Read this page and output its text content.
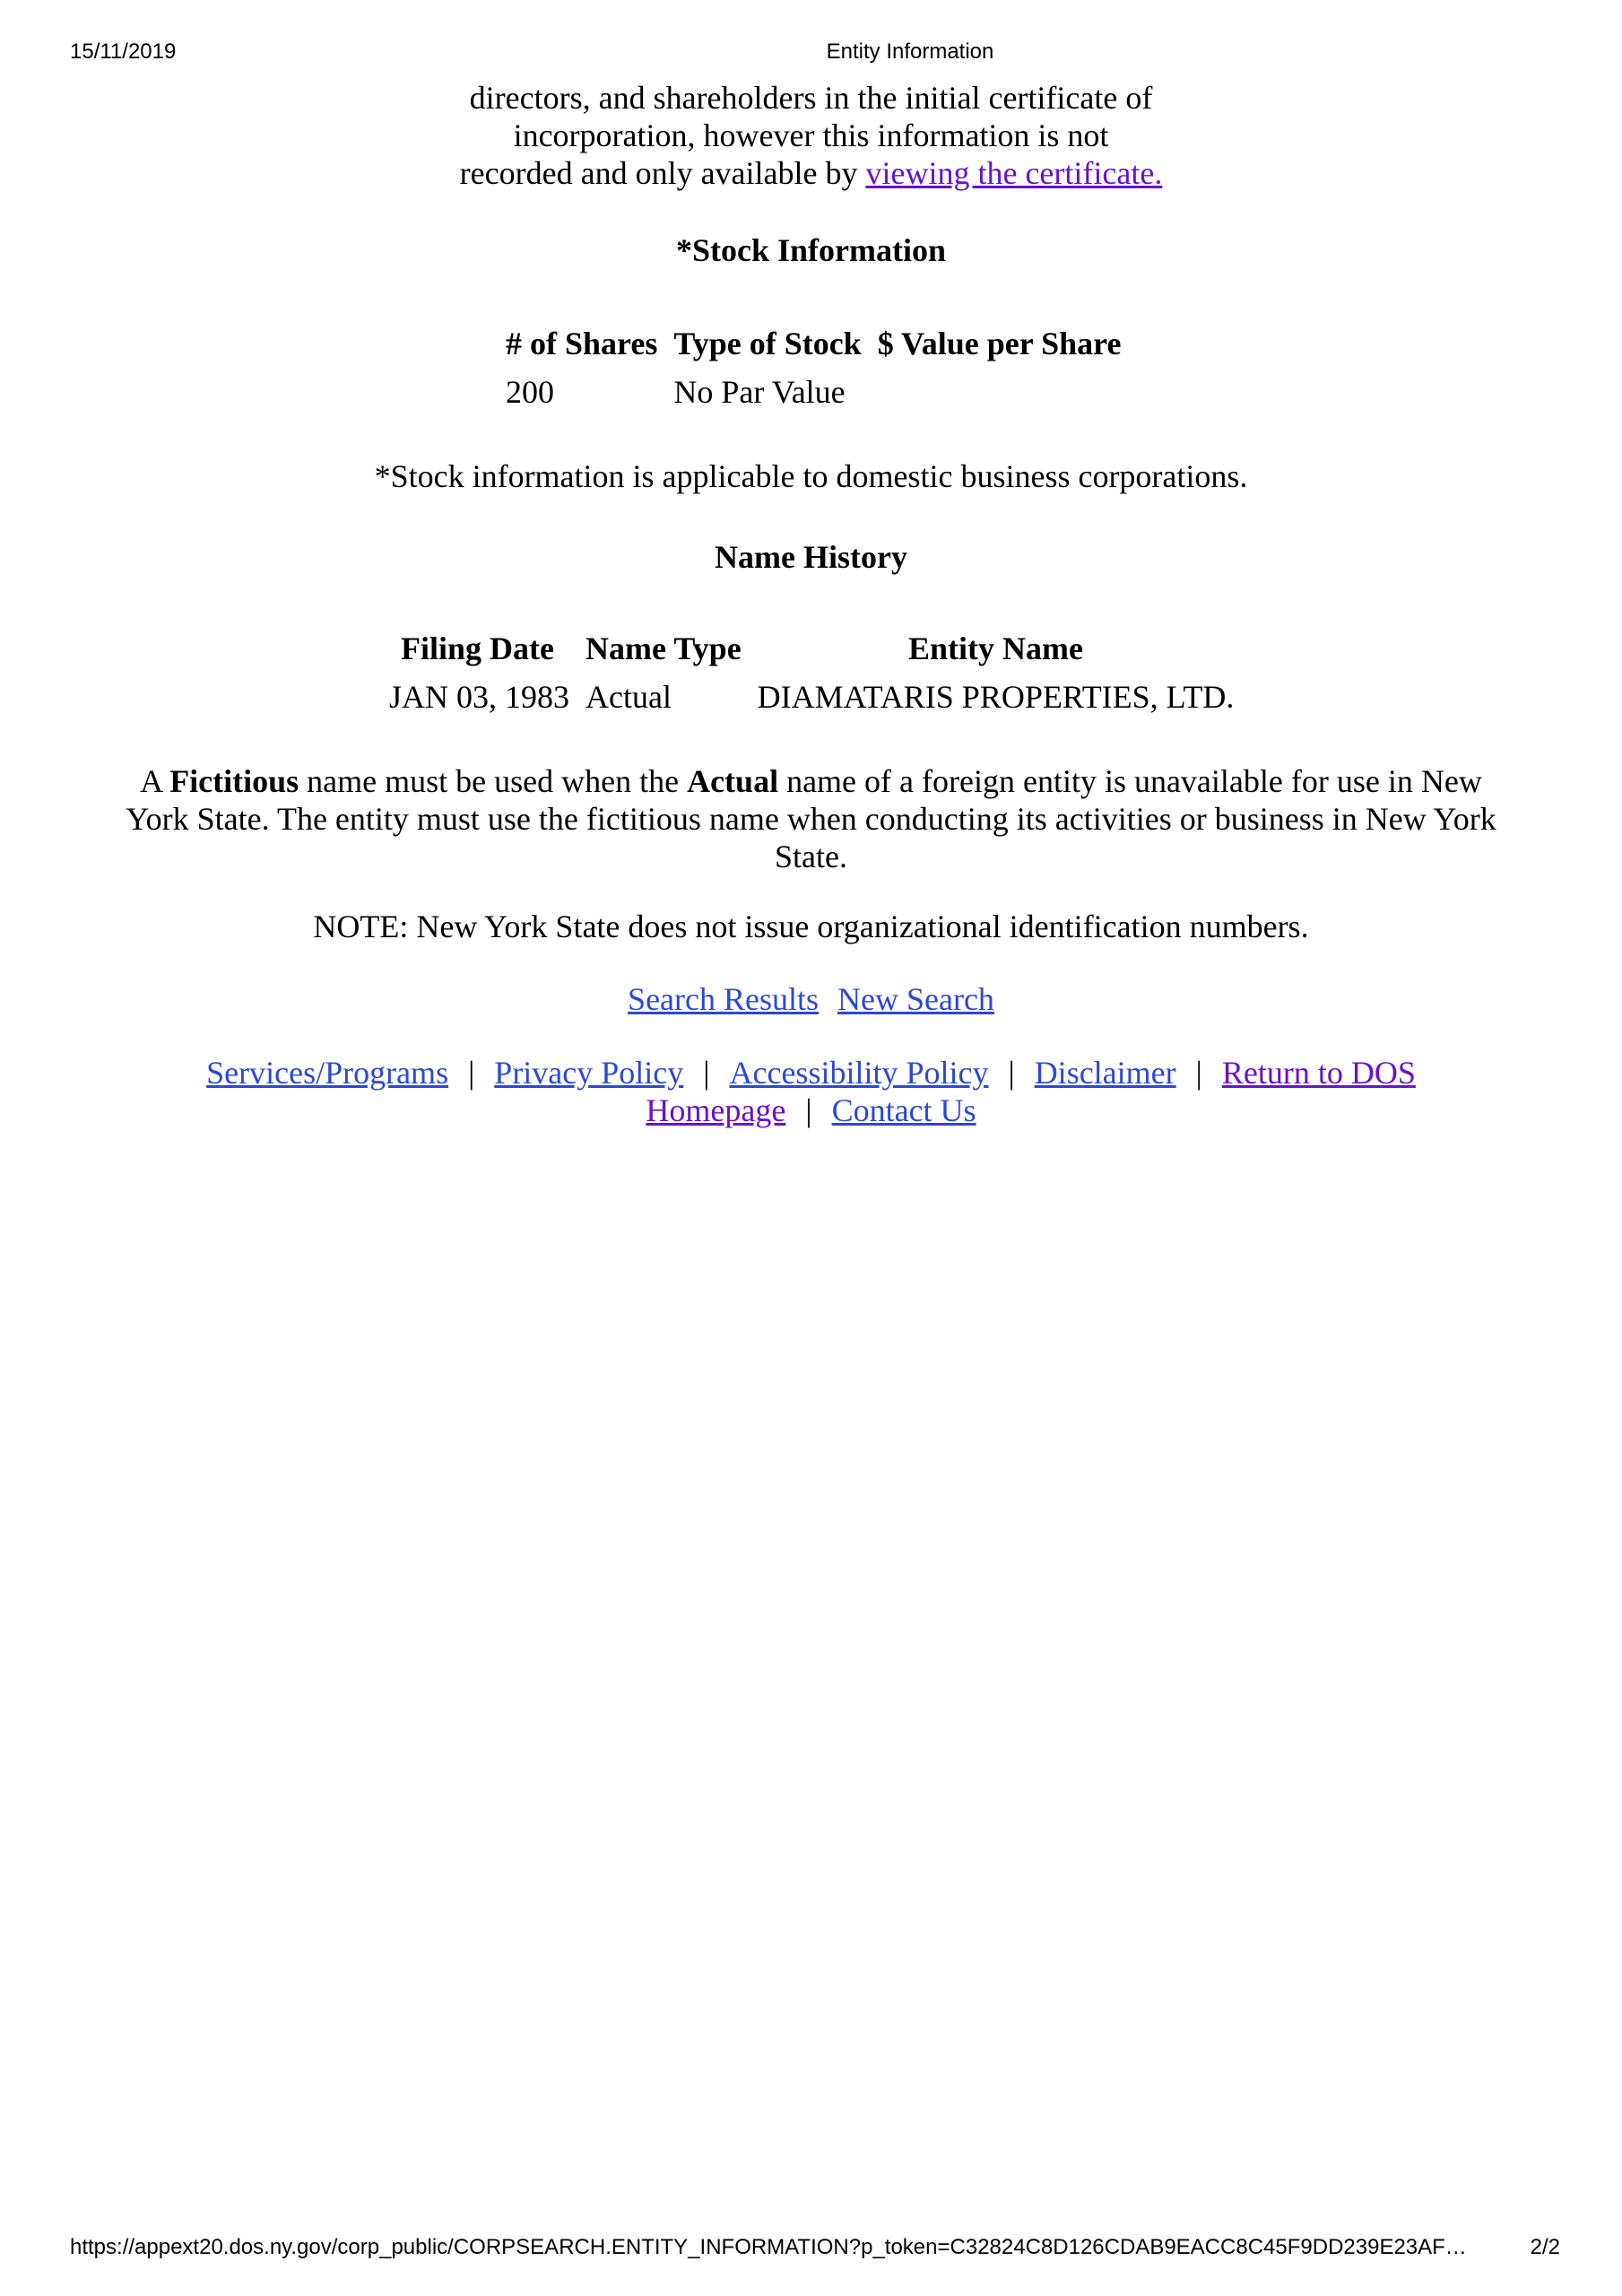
15/11/2019	Entity Information
directors, and shareholders in the initial certificate of
incorporation, however this information is not
recorded and only available by viewing the certificate.
*Stock Information
# of Shares	Type of Stock	$ Value per Share
200	No Par Value	
*Stock information is applicable to domestic business corporations.
Name History
Filing Date	Name Type	Entity Name
JAN 03, 1983	Actual	DIAMATARIS PROPERTIES, LTD.
A Fictitious name must be used when the Actual name of a foreign entity is unavailable for use in New York State. The entity must use the fictitious name when conducting its activities or business in New York State.
NOTE: New York State does not issue organizational identification numbers.
Search Results New Search
Services/Programs | Privacy Policy | Accessibility Policy | Disclaimer | Return to DOS Homepage | Contact Us
https://appext20.dos.ny.gov/corp_public/CORPSEARCH.ENTITY_INFORMATION?p_token=C32824C8D126CDAB9EACC8C45F9DD239E23AF…	2/2
